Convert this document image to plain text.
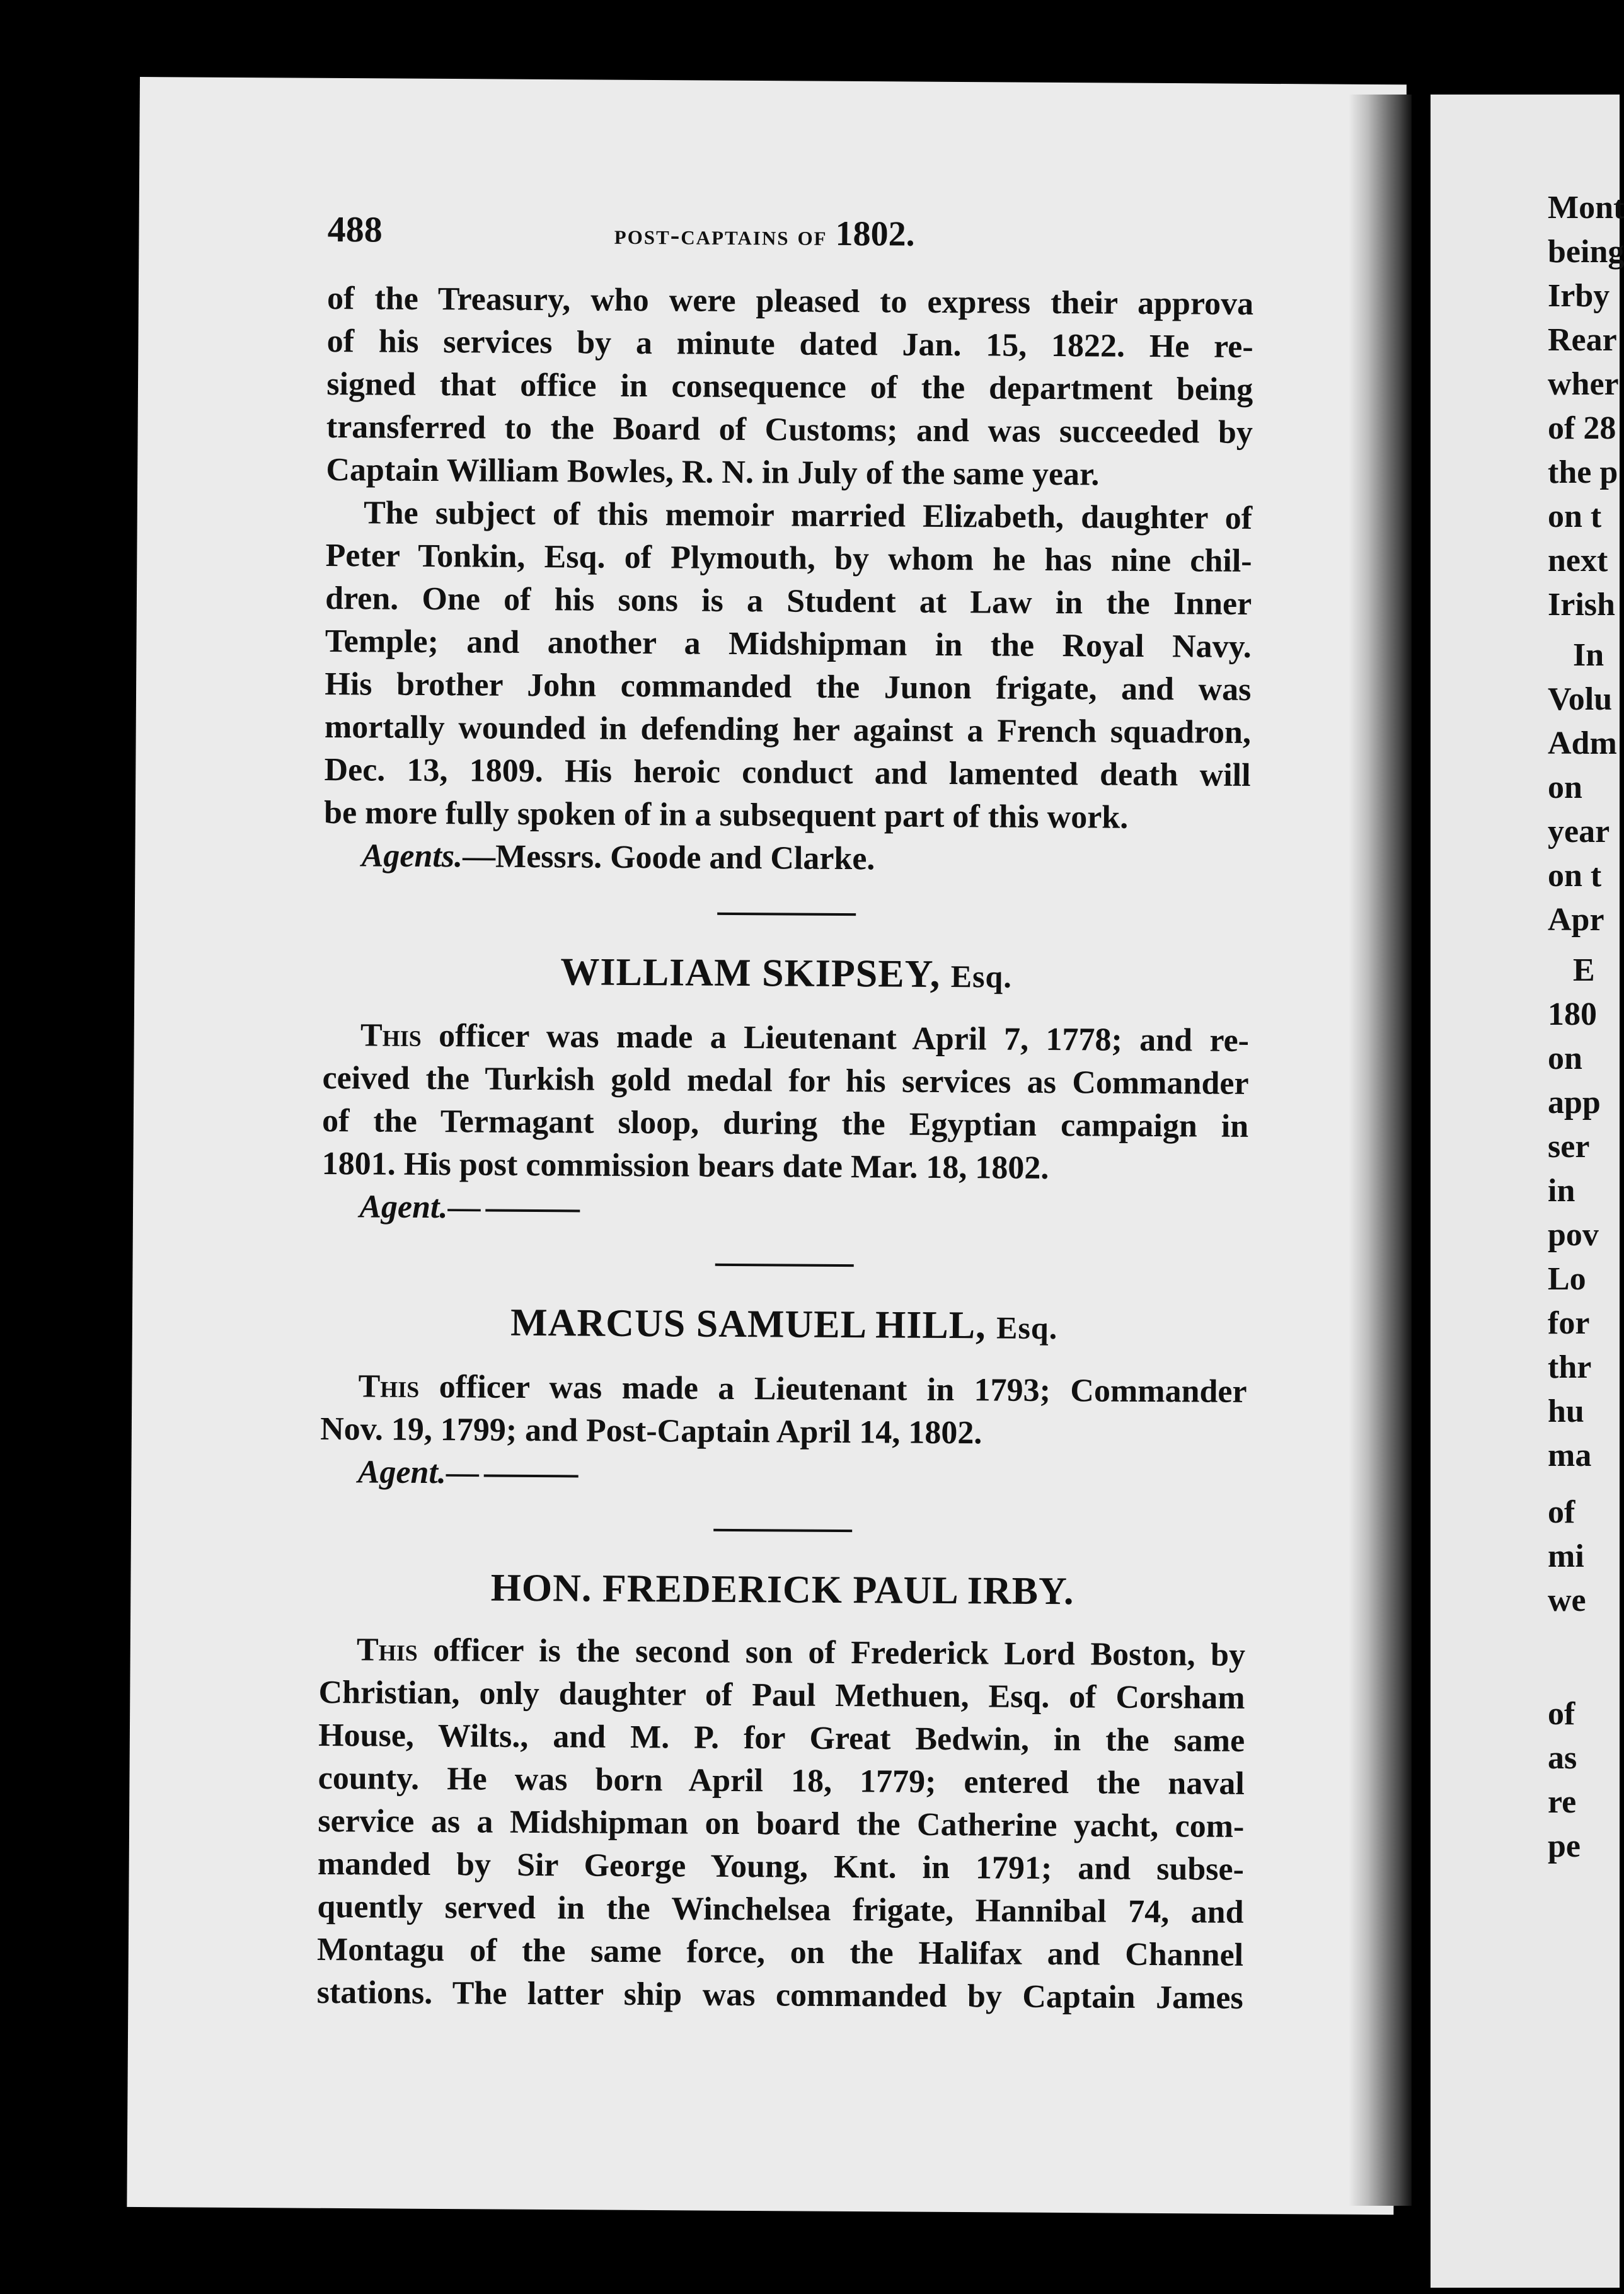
Mont
being
Irby
Rear
wher
of 28
the p
on t
next
Irish
In
Volu
Adm
on
year
on t
Apr
E
180
on
app
ser
in
pov
Lo
for
thr
hu
ma
of
mi
we
of
as
re
pe
488	post-captains of 1802.
of the Treasury, who were pleased to express their approva
of his services by a minute dated Jan. 15, 1822. He re-
signed that office in consequence of the department being
transferred to the Board of Customs; and was succeeded by
Captain William Bowles, R. N. in July of the same year.
The subject of this memoir married Elizabeth, daughter of
Peter Tonkin, Esq. of Plymouth, by whom he has nine chil-
dren. One of his sons is a Student at Law in the Inner
Temple; and another a Midshipman in the Royal Navy.
His brother John commanded the Junon frigate, and was
mortally wounded in defending her against a French squadron,
Dec. 13, 1809. His heroic conduct and lamented death will
be more fully spoken of in a subsequent part of this work.
Agents.—Messrs. Goode and Clarke.
WILLIAM SKIPSEY, Esq.
This officer was made a Lieutenant April 7, 1778; and re-
ceived the Turkish gold medal for his services as Commander
of the Termagant sloop, during the Egyptian campaign in
1801. His post commission bears date Mar. 18, 1802.
Agent.—
MARCUS SAMUEL HILL, Esq.
This officer was made a Lieutenant in 1793; Commander
Nov. 19, 1799; and Post-Captain April 14, 1802.
Agent.—
HON. FREDERICK PAUL IRBY.
This officer is the second son of Frederick Lord Boston, by
Christian, only daughter of Paul Methuen, Esq. of Corsham
House, Wilts., and M. P. for Great Bedwin, in the same
county. He was born April 18, 1779; entered the naval
service as a Midshipman on board the Catherine yacht, com-
manded by Sir George Young, Knt. in 1791; and subse-
quently served in the Winchelsea frigate, Hannibal 74, and
Montagu of the same force, on the Halifax and Channel
stations. The latter ship was commanded by Captain James
